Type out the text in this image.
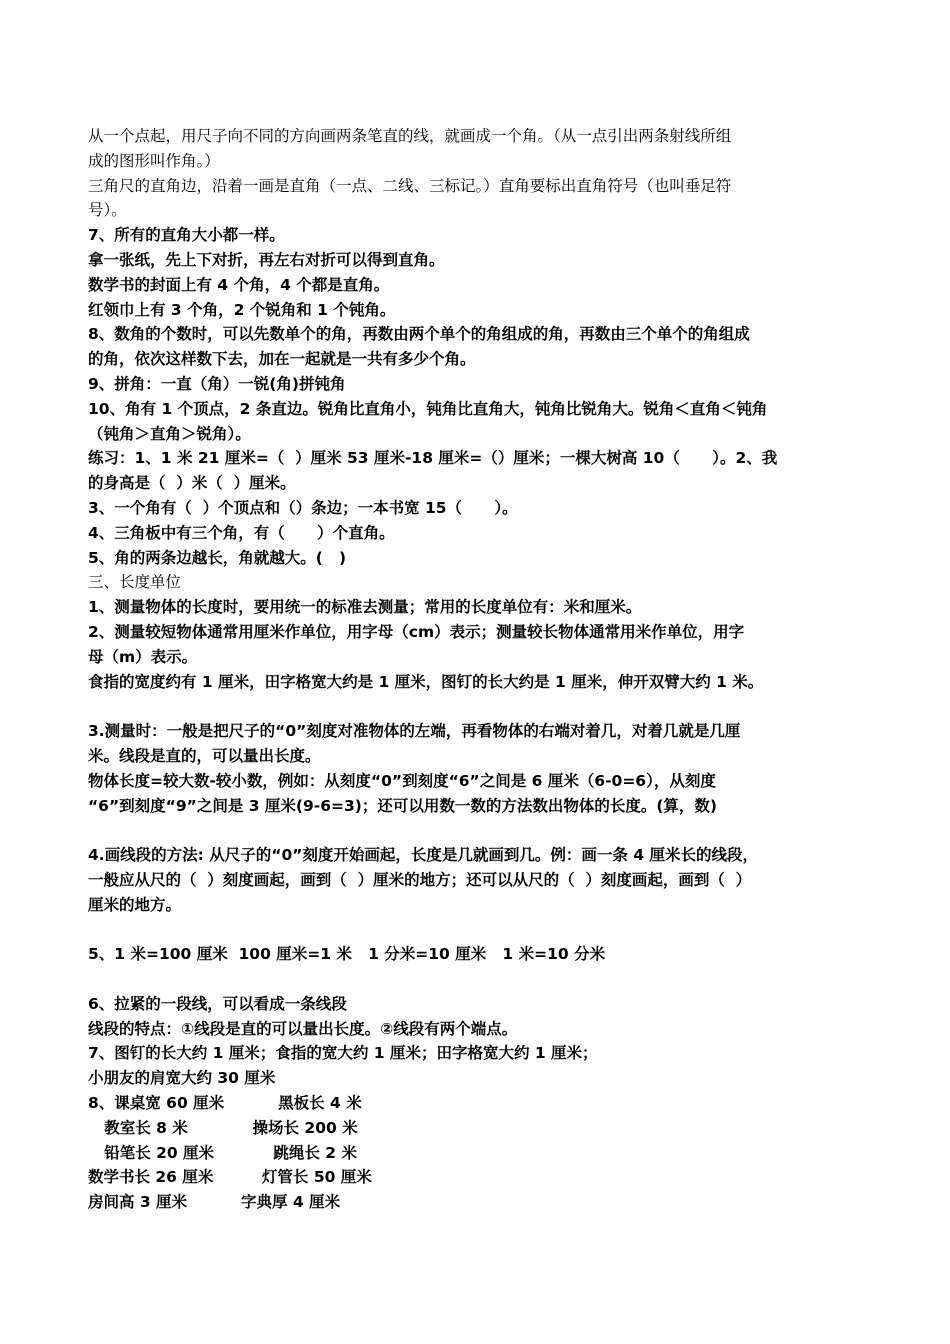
从一个点起，用尺子向不同的方向画两条笔直的线，就画成一个角。（从一点引出两条射线所组
成的图形叫作角。）
三角尺的直角边，沿着一画是直角（一点、二线、三标记。）直角要标出直角符号（也叫垂足符
号）。
7、所有的直角大小都一样。
拿一张纸，先上下对折，再左右对折可以得到直角。
数学书的封面上有 4 个角，4 个都是直角。
红领巾上有 3 个角，2 个锐角和 1 个钝角。
8、数角的个数时，可以先数单个的角，再数由两个单个的角组成的角，再数由三个单个的角组成
的角，依次这样数下去，加在一起就是一共有多少个角。
9、拼角：一直（角）一锐(角)拼钝角
10、角有 1 个顶点，2 条直边。锐角比直角小，钝角比直角大，钝角比锐角大。锐角＜直角＜钝角
（钝角＞直角＞锐角）。
练习：1、1 米 21 厘米=（  ）厘米 53 厘米-18 厘米=（）厘米；一棵大树高 10（      ）。2、我
的身高是（  ）米（  ）厘米。
3、一个角有（  ）个顶点和（）条边；一本书宽 15（      ）。
4、三角板中有三个角，有（      ）个直角。
5、角的两条边越长，角就越大。(   )
三、长度单位
1、测量物体的长度时，要用统一的标准去测量；常用的长度单位有：米和厘米。
2、测量较短物体通常用厘米作单位，用字母（cm）表示；测量较长物体通常用米作单位，用字
母（m）表示。
食指的宽度约有 1 厘米，田字格宽大约是 1 厘米，图钉的长大约是 1 厘米，伸开双臂大约 1 米。
3.测量时：一般是把尺子的“0”刻度对准物体的左端，再看物体的右端对着几，对着几就是几厘
米。线段是直的，可以量出长度。
物体长度=较大数-较小数，例如：从刻度“0”到刻度“6”之间是 6 厘米（6-0=6），从刻度
“6”到刻度“9”之间是 3 厘米(9-6=3)；还可以用数一数的方法数出物体的长度。(算，数)
4.画线段的方法: 从尺子的“0”刻度开始画起，长度是几就画到几。例：画一条 4 厘米长的线段，
一般应从尺的（  ）刻度画起，画到（  ）厘米的地方；还可以从尺的（  ）刻度画起，画到（  ）
厘米的地方。
5、1 米=100 厘米  100 厘米=1 米   1 分米=10 厘米   1 米=10 分米
6、拉紧的一段线，可以看成一条线段
线段的特点：①线段是直的可以量出长度。②线段有两个端点。
7、图钉的长大约 1 厘米；食指的宽大约 1 厘米；田字格宽大约 1 厘米；
小朋友的肩宽大约 30 厘米
8、课桌宽 60 厘米          黑板长 4 米
教室长 8 米            操场长 200 米
铅笔长 20 厘米           跳绳长 2 米
数学书长 26 厘米         灯管长 50 厘米
房间高 3 厘米          字典厚 4 厘米
